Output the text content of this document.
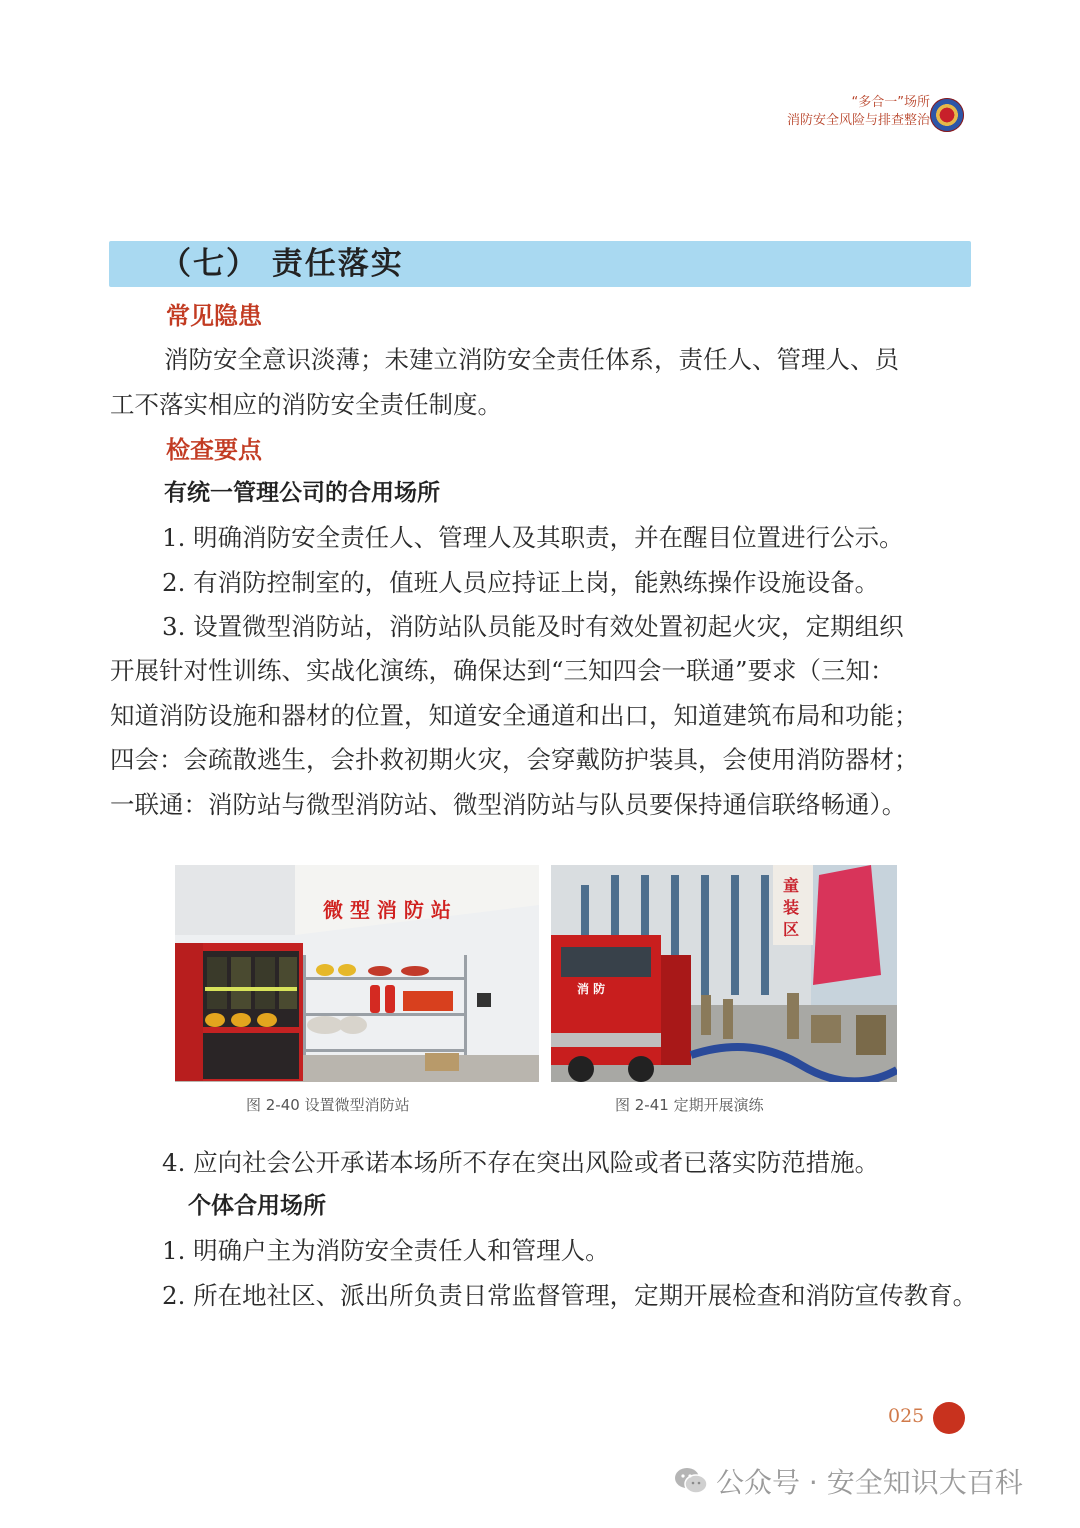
“多合一”场所
消防安全风险与排查整治
（七） 责任落实
常见隐患
消防安全意识淡薄；未建立消防安全责任体系，责任人、管理人、员
工不落实相应的消防安全责任制度。
检查要点
有统一管理公司的合用场所
1. 明确消防安全责任人、管理人及其职责，并在醒目位置进行公示。
2. 有消防控制室的，值班人员应持证上岗，能熟练操作设施设备。
3. 设置微型消防站，消防站队员能及时有效处置初起火灾，定期组织
开展针对性训练、实战化演练，确保达到“三知四会一联通”要求（三知：
知道消防设施和器材的位置，知道安全通道和出口，知道建筑布局和功能；
四会：会疏散逃生，会扑救初期火灾，会穿戴防护装具，会使用消防器材；
一联通：消防站与微型消防站、微型消防站与队员要保持通信联络畅通）。
微 型 消 防 站
图 2-40 设置微型消防站
童
装
区
消 防
图 2-41 定期开展演练
4. 应向社会公开承诺本场所不存在突出风险或者已落实防范措施。
个体合用场所
1. 明确户主为消防安全责任人和管理人。
2. 所在地社区、派出所负责日常监督管理，定期开展检查和消防宣传教育。
025
公众号 · 安全知识大百科
